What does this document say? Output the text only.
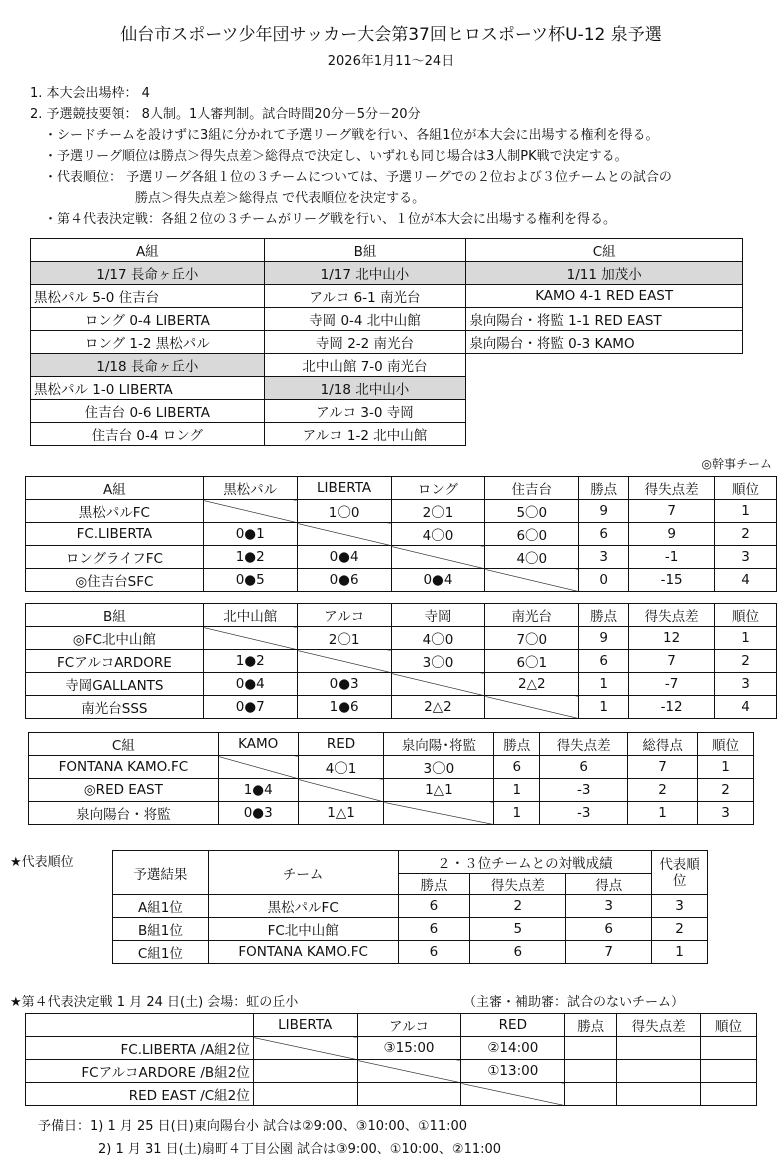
仙台市スポーツ少年団サッカー大会第37回ヒロスポーツ杯U-12 泉予選
2026年1月11〜24日
1. 本大会出場枠： 4
2. 予選競技要領： 8人制。1人審判制。試合時間20分－5分－20分
・シードチームを設けずに3組に分かれて予選リーグ戦を行い、各組1位が本大会に出場する権利を得る。
・予選リーグ順位は勝点＞得失点差＞総得点で決定し、いずれも同じ場合は3人制PK戦で決定する。
・代表順位： 予選リーグ各組１位の３チームについては、予選リーグでの２位および３位チームとの試合の
勝点＞得失点差＞総得点 で代表順位を決定する。
・第４代表決定戦：各組２位の３チームがリーグ戦を行い、１位が本大会に出場する権利を得る。
A組	B組	C組
1/17 長命ヶ丘小	1/17 北中山小	1/11 加茂小
黒松パル 5-0 住吉台	アルコ 6-1 南光台	KAMO 4-1 RED EAST
ロング 0-4 LIBERTA	寺岡 0-4 北中山館	泉向陽台・将監 1-1 RED EAST
ロング 1-2 黒松パル	寺岡 2-2 南光台	泉向陽台・将監 0-3 KAMO
1/18 長命ヶ丘小	北中山館 7-0 南光台	
黒松パル 1-0 LIBERTA	1/18 北中山小	
住吉台 0-6 LIBERTA	アルコ 3-0 寺岡	
住吉台 0-4 ロング	アルコ 1-2 北中山館	
◎幹事チーム
A組	黒松パル	LIBERTA	ロング	住吉台	勝点	得失点差	順位
黒松パルFC		1〇0	2〇1	5〇0	9	7	1
FC.LIBERTA	0●1		4〇0	6〇0	6	9	2
ロングライフFC	1●2	0●4		4〇0	3	-1	3
◎住吉台SFC	0●5	0●6	0●4		0	-15	4
B組	北中山館	アルコ	寺岡	南光台	勝点	得失点差	順位
◎FC北中山館		2〇1	4〇0	7〇0	9	12	1
FCアルコARDORE	1●2		3〇0	6〇1	6	7	2
寺岡GALLANTS	0●4	0●3		2△2	1	-7	3
南光台SSS	0●7	1●6	2△2		1	-12	4
C組	KAMO	RED	泉向陽･将監	勝点	得失点差	総得点	順位
FONTANA KAMO.FC		4〇1	3〇0	6	6	7	1
◎RED EAST	1●4		1△1	1	-3	2	2
泉向陽台・将監	0●3	1△1		1	-3	1	3
★代表順位
予選結果	チーム	２・３位チームとの対戦成績			代表順位
		勝点	得失点差	得点	
A組1位	黒松パルFC	6	2	3	3
B組1位	FC北中山館	6	5	6	2
C組1位	FONTANA KAMO.FC	6	6	7	1
★第４代表決定戦 1 月 24 日(土) 会場：虹の丘小	（主審・補助審：試合のないチーム）
	LIBERTA	アルコ	RED	勝点	得失点差	順位
FC.LIBERTA /A組2位		③15:00	②14:00			
FCアルコARDORE /B組2位			①13:00			
RED EAST /C組2位						
予備日：1) 1 月 25 日(日)東向陽台小 試合は②9:00、③10:00、①11:00
2) 1 月 31 日(土)扇町４丁目公園 試合は③9:00、①10:00、②11:00
